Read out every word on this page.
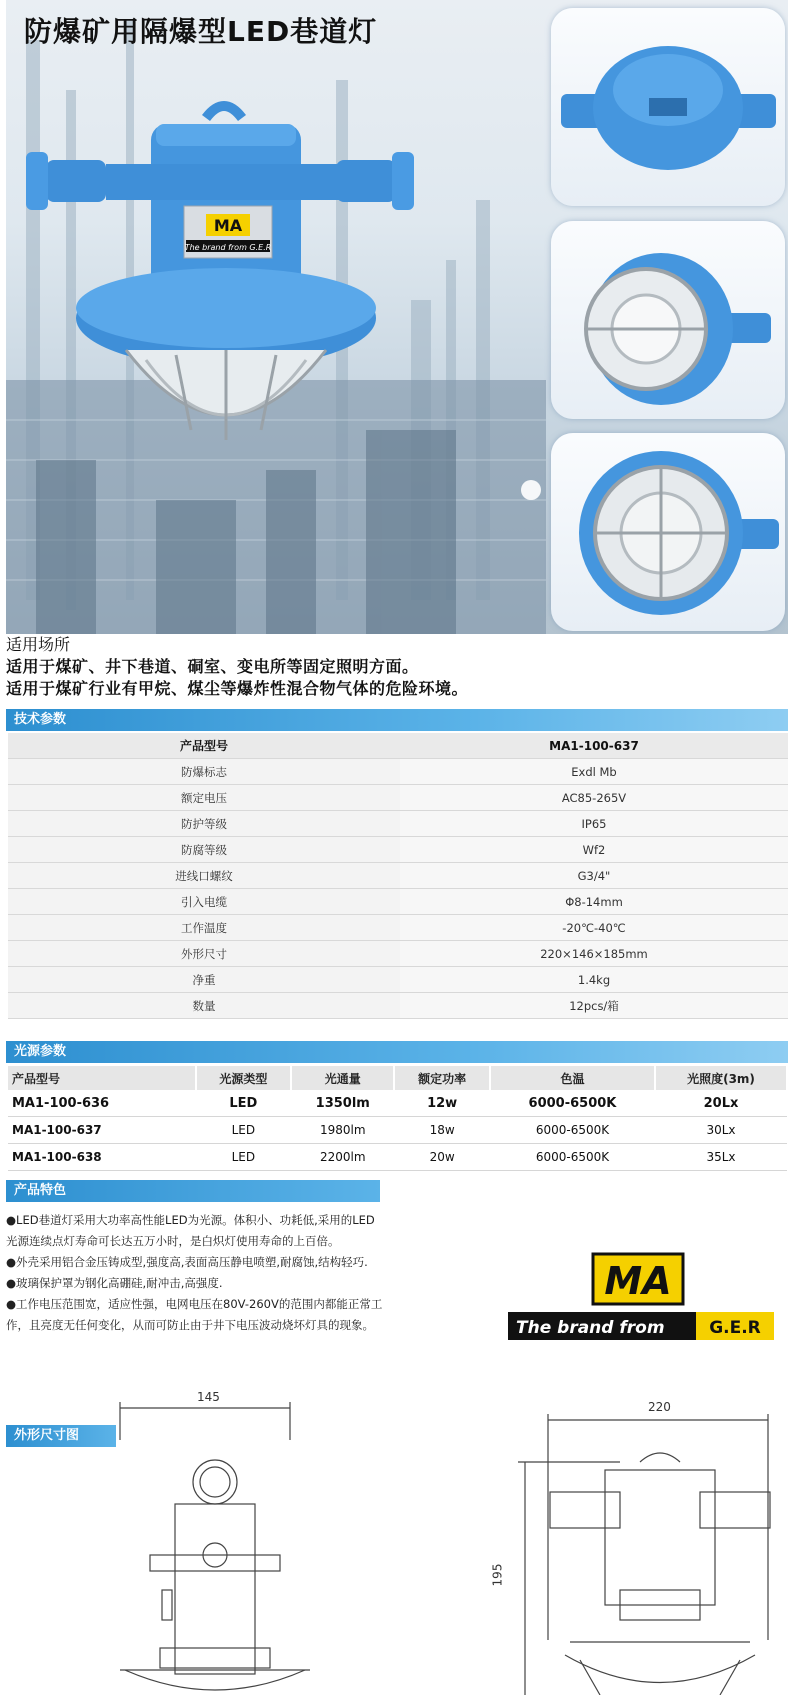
MA
The brand from G.E.R
防爆矿用隔爆型LED巷道灯
适用场所
适用于煤矿、井下巷道、硐室、变电所等固定照明方面。
适用于煤矿行业有甲烷、煤尘等爆炸性混合物气体的危险环境。
技术参数
产品型号	MA1-100-637
防爆标志	Exdl Mb
额定电压	AC85-265V
防护等级	IP65
防腐等级	Wf2
进线口螺纹	G3/4"
引入电缆	Φ8-14mm
工作温度	-20℃-40℃
外形尺寸	220×146×185mm
净重	1.4kg
数量	12pcs/箱
光源参数
产品型号	光源类型	光通量	额定功率	色温	光照度(3m)
MA1-100-636	LED	1350lm	12w	6000-6500K	20Lx
MA1-100-637	LED	1980lm	18w	6000-6500K	30Lx
MA1-100-638	LED	2200lm	20w	6000-6500K	35Lx
产品特色

●LED巷道灯采用大功率高性能LED为光源。体积小、功耗低,采用的LED光源连续点灯寿命可长达五万小时，是白炽灯使用寿命的上百倍。

●外壳采用铝合金压铸成型,强度高,表面高压静电喷塑,耐腐蚀,结构轻巧.

●玻璃保护罩为钢化高硼硅,耐冲击,高强度.

●工作电压范围宽，适应性强，电网电压在80V-260V的范围内都能正常工作，且亮度无任何变化，从而可防止由于井下电压波动烧坏灯具的现象。

MA
The brand from	G.E.R
145
220
195
外形尺寸图
